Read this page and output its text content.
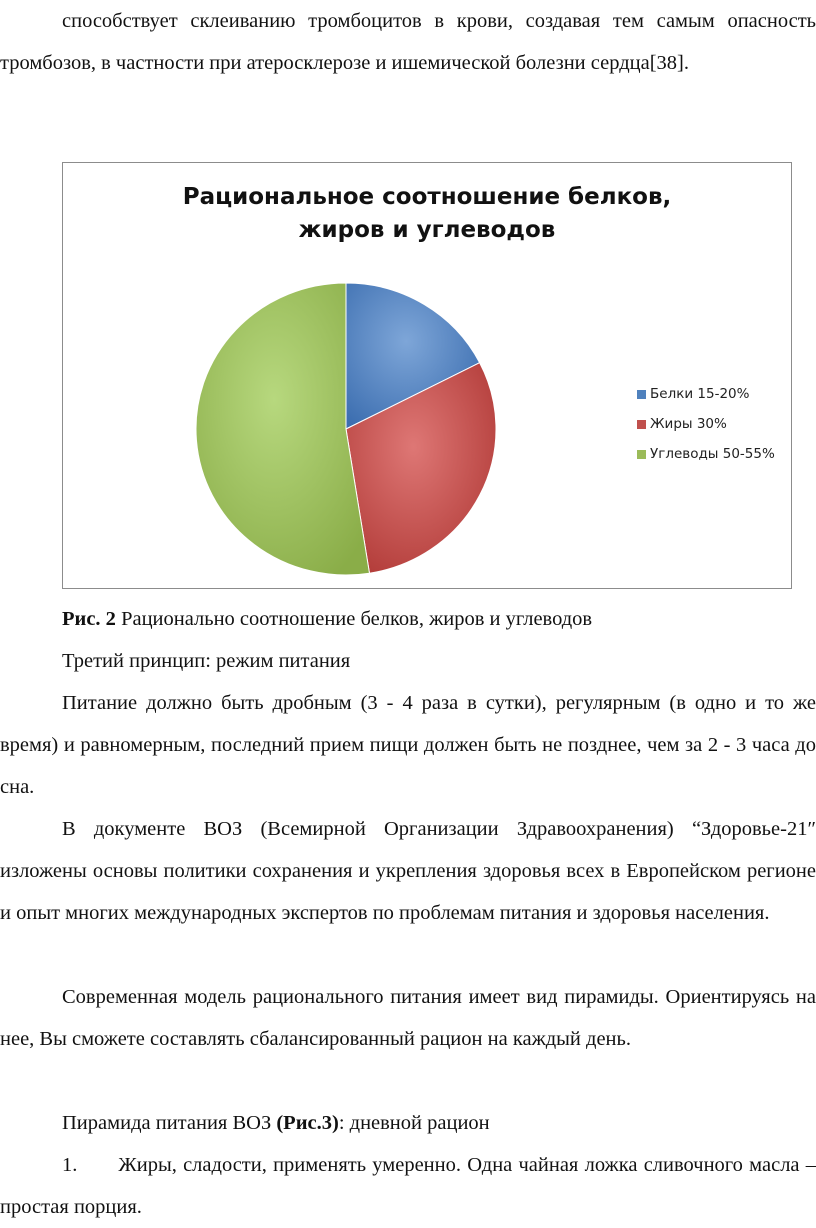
способствует склеиванию тромбоцитов в крови, создавая тем самым опасность тромбозов, в частности при атеросклерозе и ишемической болезни сердца[38].

Рациональное соотношение белков,
жиров и углеводов
Белки 15-20%
Жиры 30%
Углеводы 50-55%
Рис. 2 Рационально соотношение белков, жиров и углеводов
Третий принцип: режим питания

Питание должно быть дробным (3 - 4 раза в сутки), регулярным (в одно и то же время) и равномерным, последний прием пищи должен быть не позднее, чем за 2 - 3 часа до сна.

В документе ВОЗ (Всемирной Организации Здравоохранения) “Здоровье-21″ изложены основы политики сохранения и укрепления здоровья всех в Европейском регионе и опыт многих международных экспертов по проблемам питания и здоровья населения.

Современная модель рационального питания имеет вид пирамиды. Ориентируясь на нее, Вы сможете составлять сбалансированный рацион на каждый день.

Пирамида питания ВОЗ (Рис.3): дневной рацион

1.  Жиры, сладости, применять умеренно. Одна чайная ложка сливочного масла – простая порция.
